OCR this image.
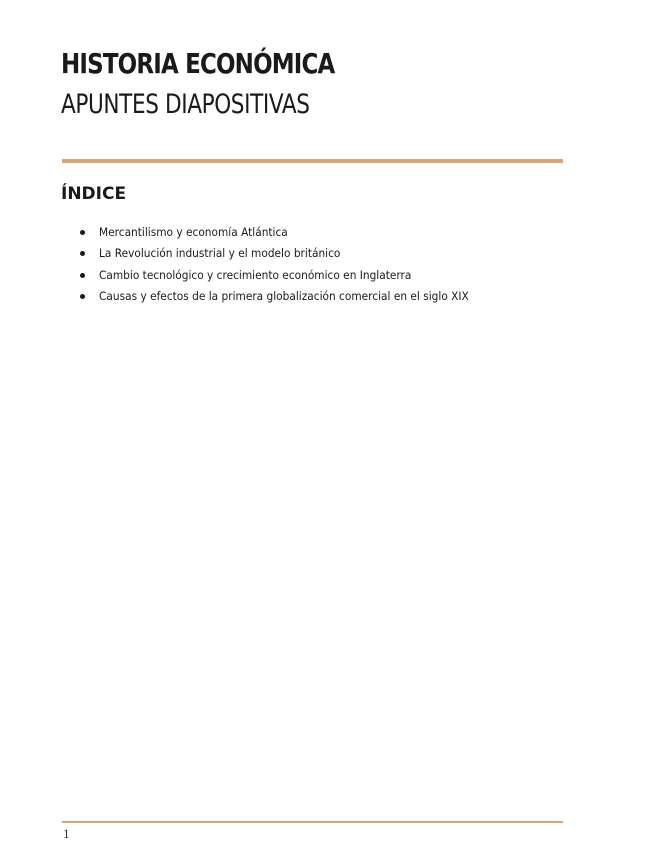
HISTORIA ECONÓMICA
APUNTES DIAPOSITIVAS
ÍNDICE
Mercantilismo y economía Atlántica
La Revolución industrial y el modelo británico
Cambio tecnológico y crecimiento económico en Inglaterra
Causas y efectos de la primera globalización comercial en el siglo XIX
1
